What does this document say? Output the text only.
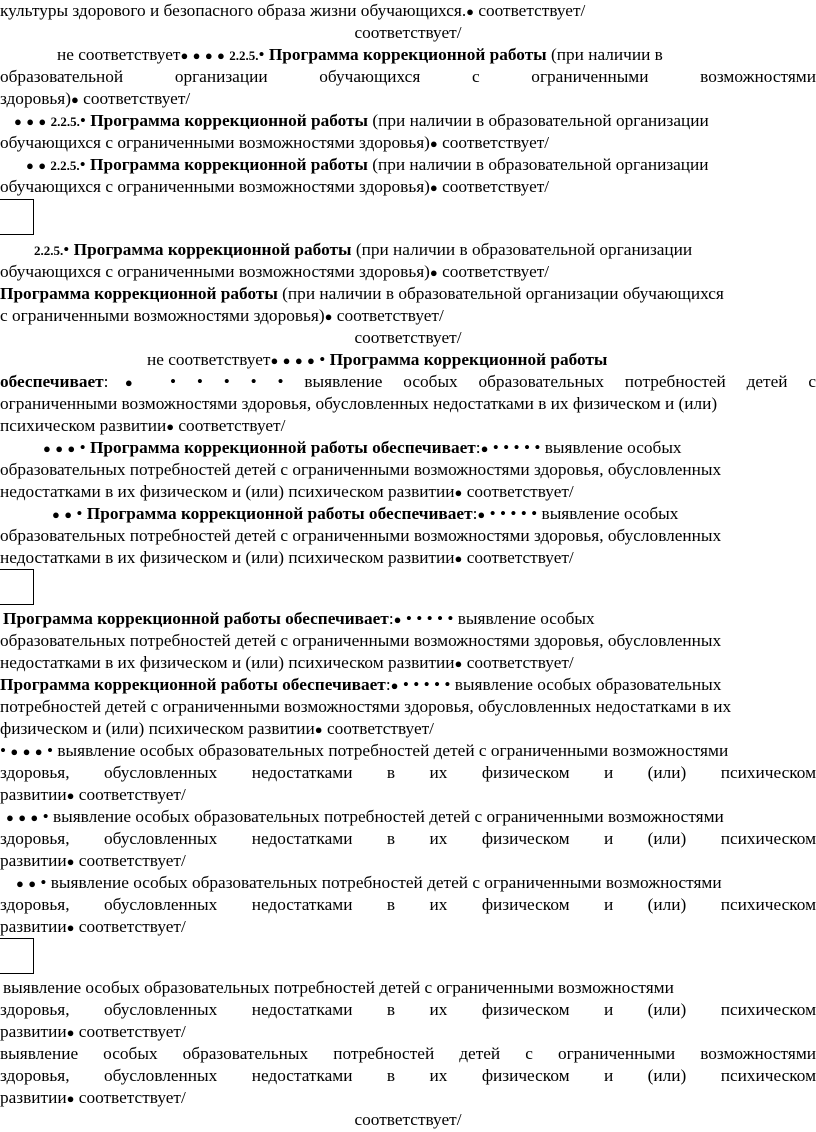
культуры здорового и безопасного образа жизни обучающихся.● соответствует/
соответствует/
не соответствует● ● ● ● 2.2.5.• Программа коррекционной работы (при наличии в
образовательной	организации	обучающихся	с	ограниченными	возможностями
здоровья)● соответствует/
● ● ● 2.2.5.• Программа коррекционной работы (при наличии в образовательной организации
обучающихся с ограниченными возможностями здоровья)● соответствует/
● ● 2.2.5.• Программа коррекционной работы (при наличии в образовательной организации
обучающихся с ограниченными возможностями здоровья)● соответствует/
2.2.5.• Программа коррекционной работы (при наличии в образовательной организации
обучающихся с ограниченными возможностями здоровья)● соответствует/
Программа коррекционной работы (при наличии в образовательной организации обучающихся
с ограниченными возможностями здоровья)● соответствует/
соответствует/
не соответствует● ● ● ● • Программа коррекционной работы
обеспечивает:● • • • • • выявление особых образовательных потребностей детей с
ограниченными возможностями здоровья, обусловленных недостатками в их физическом и (или)
психическом развитии● соответствует/
● ● ● • Программа коррекционной работы обеспечивает:● • • • • • выявление особых
образовательных потребностей детей с ограниченными возможностями здоровья, обусловленных
недостатками в их физическом и (или) психическом развитии● соответствует/
● ● • Программа коррекционной работы обеспечивает:● • • • • • выявление особых
образовательных потребностей детей с ограниченными возможностями здоровья, обусловленных
недостатками в их физическом и (или) психическом развитии● соответствует/
Программа коррекционной работы обеспечивает:● • • • • • выявление особых
образовательных потребностей детей с ограниченными возможностями здоровья, обусловленных
недостатками в их физическом и (или) психическом развитии● соответствует/
Программа коррекционной работы обеспечивает:● • • • • • выявление особых образовательных
потребностей детей с ограниченными возможностями здоровья, обусловленных недостатками в их
физическом и (или) психическом развитии● соответствует/
• ● ● ● • выявление особых образовательных потребностей детей с ограниченными возможностями
здоровья, обусловленных недостатками в их физическом и (или) психическом
развитии● соответствует/
● ● ● • выявление особых образовательных потребностей детей с ограниченными возможностями
здоровья, обусловленных недостатками в их физическом и (или) психическом
развитии● соответствует/
● ● • выявление особых образовательных потребностей детей с ограниченными возможностями
здоровья, обусловленных недостатками в их физическом и (или) психическом
развитии● соответствует/
выявление особых образовательных потребностей детей с ограниченными возможностями
здоровья, обусловленных недостатками в их физическом и (или) психическом
развитии● соответствует/
выявление особых образовательных потребностей детей с ограниченными возможностями
здоровья, обусловленных недостатками в их физическом и (или) психическом
развитии● соответствует/
соответствует/
